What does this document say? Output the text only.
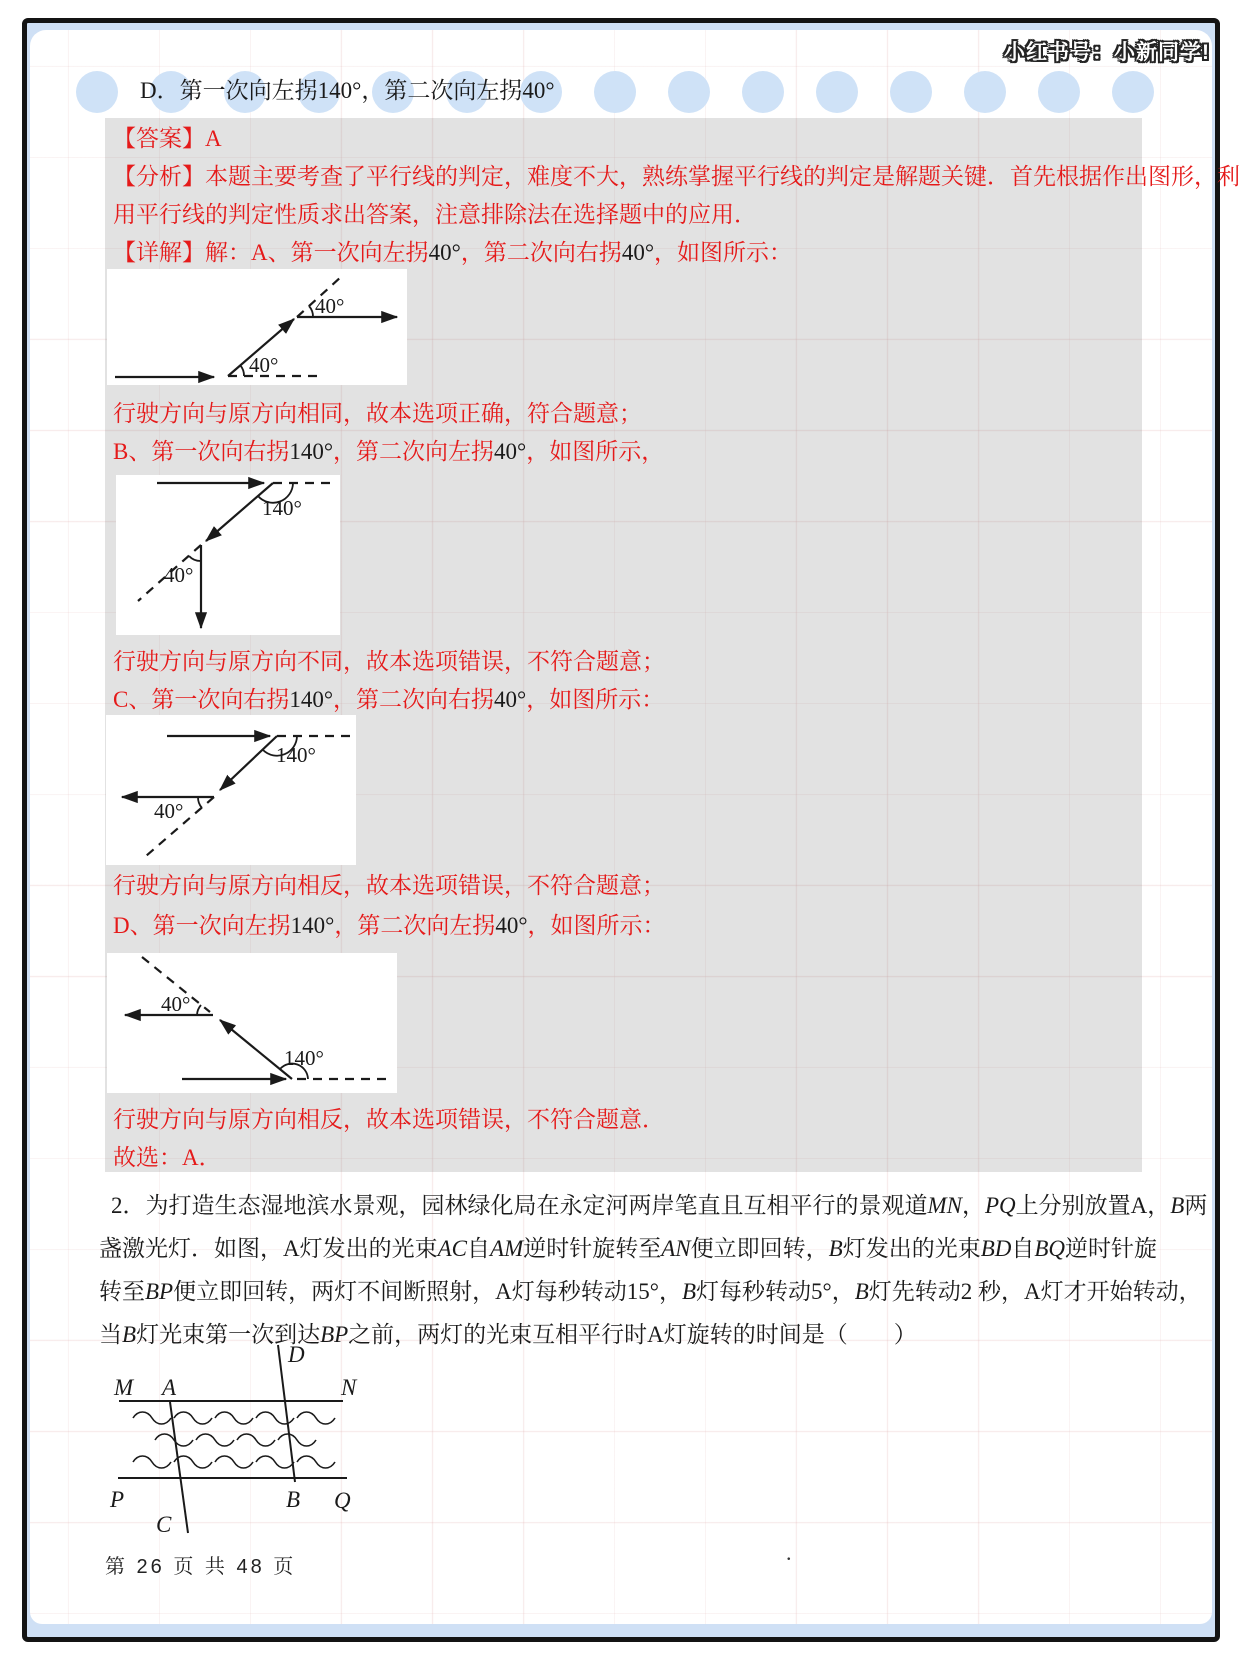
小红书号：小新同学!
D．第一次向左拐140°，第二次向左拐40°
【答案】A
【分析】本题主要考查了平行线的判定，难度不大，熟练掌握平行线的判定是解题关键．首先根据作出图形，利
用平行线的判定性质求出答案，注意排除法在选择题中的应用．
【详解】解：A、第一次向左拐40°，第二次向右拐40°，如图所示：
40°
40°
行驶方向与原方向相同，故本选项正确，符合题意；
B、第一次向右拐140°，第二次向左拐40°，如图所示，
140°
40°
行驶方向与原方向不同，故本选项错误，不符合题意；
C、第一次向右拐140°，第二次向右拐40°，如图所示：
140°
40°
行驶方向与原方向相反，故本选项错误，不符合题意；
D、第一次向左拐140°，第二次向左拐40°，如图所示：
40°
140°
行驶方向与原方向相反，故本选项错误，不符合题意．
故选：A．
2．为打造生态湿地滨水景观，园林绿化局在永定河两岸笔直且互相平行的景观道MN，PQ上分别放置A，B两
盏激光灯．如图，A灯发出的光束AC自AM逆时针旋转至AN便立即回转，B灯发出的光束BD自BQ逆时针旋
转至BP便立即回转，两灯不间断照射，A灯每秒转动15°，B灯每秒转动5°，B灯先转动2 秒，A灯才开始转动，
当B灯光束第一次到达BP之前，两灯的光束互相平行时A灯旋转的时间是（　　）
D
M A	N
P	B Q
C
第 26 页 共 48 页
.
